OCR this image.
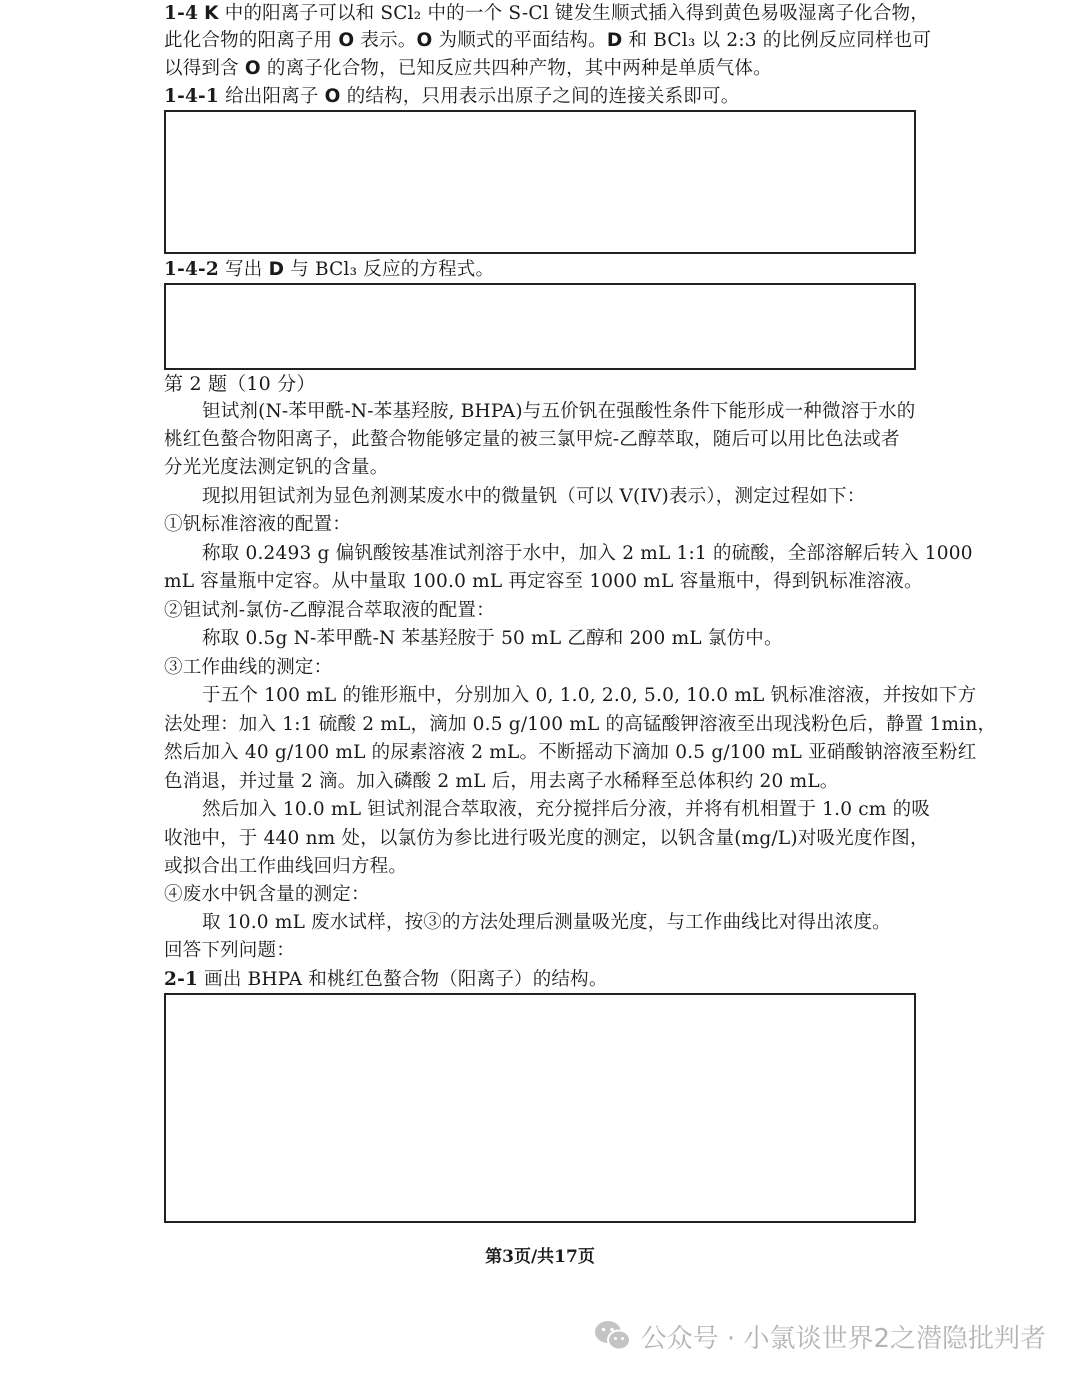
1-4 K 中的阳离子可以和 SCl₂ 中的一个 S-Cl 键发生顺式插入得到黄色易吸湿离子化合物，
此化合物的阳离子用 O 表示。O 为顺式的平面结构。D 和 BCl₃ 以 2:3 的比例反应同样也可
以得到含 O 的离子化合物，已知反应共四种产物，其中两种是单质气体。
1-4-1 给出阳离子 O 的结构，只用表示出原子之间的连接关系即可。
1-4-2 写出 D 与 BCl₃ 反应的方程式。
第 2 题（10 分）
钽试剂(N-苯甲酰-N-苯基羟胺, BHPA)与五价钒在强酸性条件下能形成一种微溶于水的
桃红色螯合物阳离子，此螯合物能够定量的被三氯甲烷-乙醇萃取，随后可以用比色法或者
分光光度法测定钒的含量。
现拟用钽试剂为显色剂测某废水中的微量钒（可以 V(IV)表示），测定过程如下：
①钒标准溶液的配置：
称取 0.2493 g 偏钒酸铵基准试剂溶于水中，加入 2 mL 1:1 的硫酸，全部溶解后转入 1000
mL 容量瓶中定容。从中量取 100.0 mL 再定容至 1000 mL 容量瓶中，得到钒标准溶液。
②钽试剂-氯仿-乙醇混合萃取液的配置：
称取 0.5g N-苯甲酰-N 苯基羟胺于 50 mL 乙醇和 200 mL 氯仿中。
③工作曲线的测定：
于五个 100 mL 的锥形瓶中，分别加入 0, 1.0, 2.0, 5.0, 10.0 mL 钒标准溶液，并按如下方
法处理：加入 1:1 硫酸 2 mL，滴加 0.5 g/100 mL 的高锰酸钾溶液至出现浅粉色后，静置 1min，
然后加入 40 g/100 mL 的尿素溶液 2 mL。不断摇动下滴加 0.5 g/100 mL 亚硝酸钠溶液至粉红
色消退，并过量 2 滴。加入磷酸 2 mL 后，用去离子水稀释至总体积约 20 mL。
然后加入 10.0 mL 钽试剂混合萃取液，充分搅拌后分液，并将有机相置于 1.0 cm 的吸
收池中，于 440 nm 处，以氯仿为参比进行吸光度的测定，以钒含量(mg/L)对吸光度作图，
或拟合出工作曲线回归方程。
④废水中钒含量的测定：
取 10.0 mL 废水试样，按③的方法处理后测量吸光度，与工作曲线比对得出浓度。
回答下列问题：
2-1 画出 BHPA 和桃红色螯合物（阳离子）的结构。
第3页/共17页
公众号 · 小氯谈世界2之潜隐批判者
